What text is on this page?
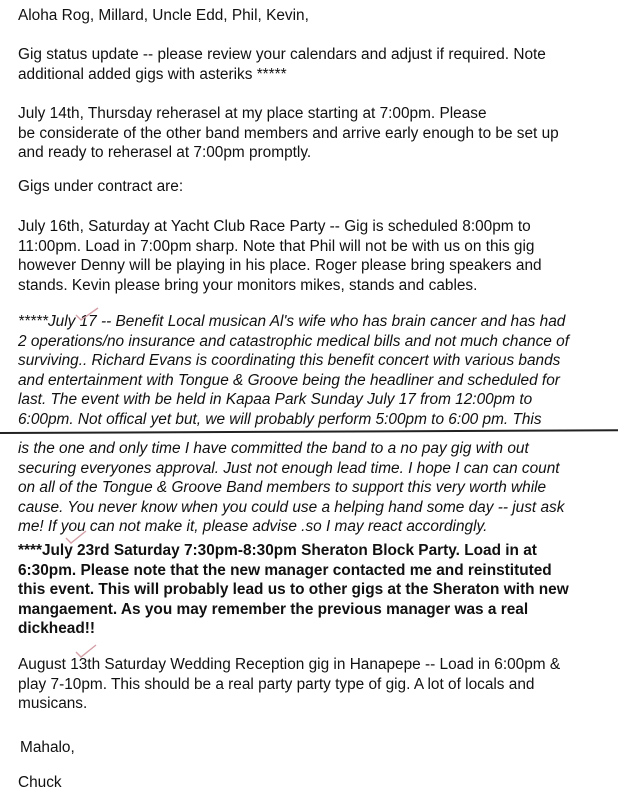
Aloha Rog, Millard, Uncle Edd, Phil, Kevin,

Gig status update -- please review your calendars and adjust if required. Note
additional added gigs with asteriks *****

July 14th, Thursday reherasel at my place starting at 7:00pm. Please
be considerate of the other band members and arrive early enough to be set up
and ready to reherasel at 7:00pm promptly.

Gigs under contract are:

July 16th, Saturday at Yacht Club Race Party -- Gig is scheduled 8:00pm to
11:00pm. Load in 7:00pm sharp. Note that Phil will not be with us on this gig
however Denny will be playing in his place. Roger please bring speakers and
stands. Kevin please bring your monitors mikes, stands and cables.

*****July 17 -- Benefit Local musican Al's wife who has brain cancer and has had
2 operations/no insurance and catastrophic medical bills and not much chance of
surviving.. Richard Evans is coordinating this benefit concert with various bands
and entertainment with Tongue & Groove being the headliner and scheduled for
last. The event with be held in Kapaa Park Sunday July 17 from 12:00pm to
6:00pm. Not offical yet but, we will probably perform 5:00pm to 6:00 pm. This

is the one and only time I have committed the band to a no pay gig with out
securing everyones approval. Just not enough lead time. I hope I can can count
on all of the Tongue & Groove Band members to support this very worth while
cause. You never know when you could use a helping hand some day -- just ask
me! If you can not make it, please advise .so I may react accordingly.

****July 23rd Saturday 7:30pm-8:30pm Sheraton Block Party. Load in at
6:30pm. Please note that the new manager contacted me and reinstituted
this event. This will probably lead us to other gigs at the Sheraton with new
mangaement. As you may remember the previous manager was a real
dickhead!!

August 13th Saturday Wedding Reception gig in Hanapepe -- Load in 6:00pm &
play 7-10pm. This should be a real party party type of gig. A lot of locals and
musicans.

Mahalo,

Chuck
